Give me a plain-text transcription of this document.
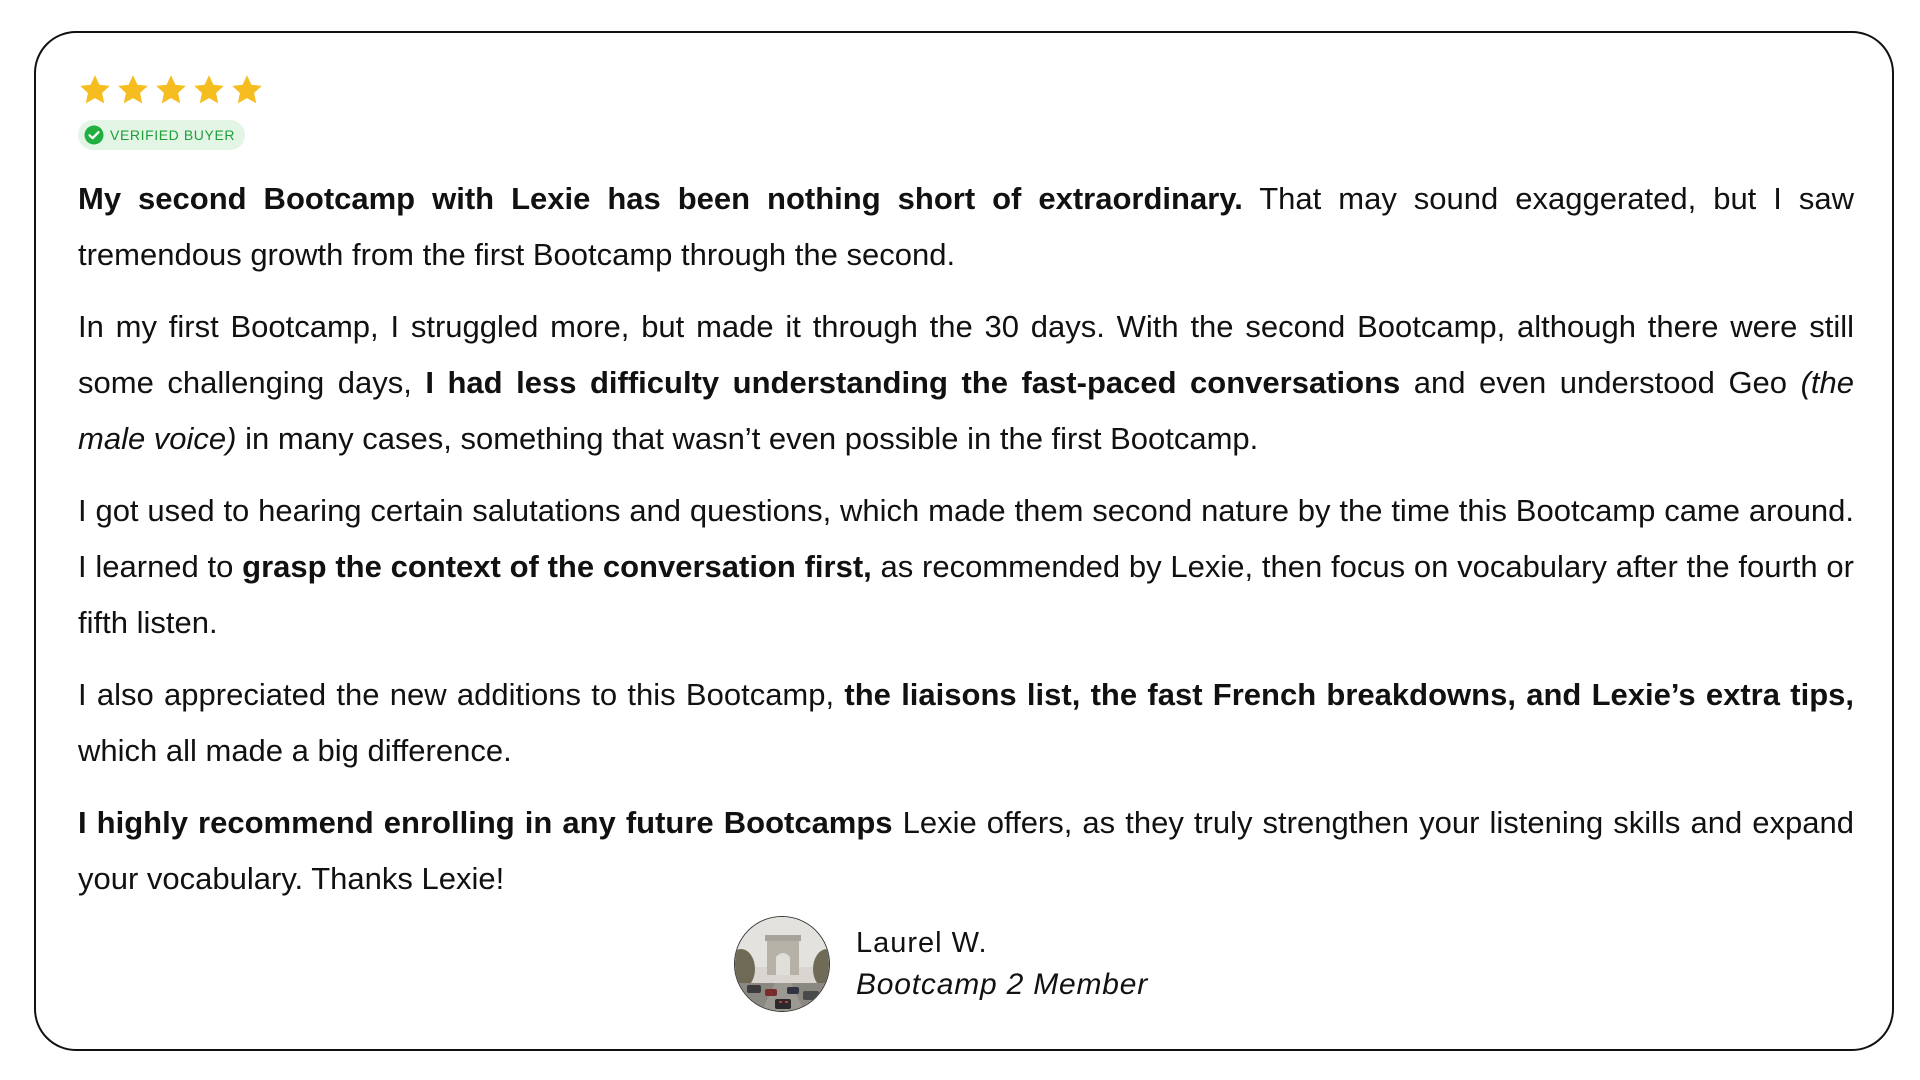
VERIFIED BUYER

My second Bootcamp with Lexie has been nothing short of extraordinary. That may sound exaggerated, but I saw tremendous growth from the first Bootcamp through the second.

In my first Bootcamp, I struggled more, but made it through the 30 days. With the second Bootcamp, although there were still some challenging days, I had less difficulty understanding the fast-paced conversations and even understood Geo (the male voice) in many cases, something that wasn’t even possible in the first Bootcamp.

I got used to hearing certain salutations and questions, which made them second nature by the time this Bootcamp came around. I learned to grasp the context of the conversation first, as recommended by Lexie, then focus on vocabulary after the fourth or fifth listen.

I also appreciated the new additions to this Bootcamp, the liaisons list, the fast French breakdowns, and Lexie’s extra tips, which all made a big difference.

I highly recommend enrolling in any future Bootcamps Lexie offers, as they truly strengthen your listening skills and expand your vocabulary. Thanks Lexie!

Laurel W.
Bootcamp 2 Member
